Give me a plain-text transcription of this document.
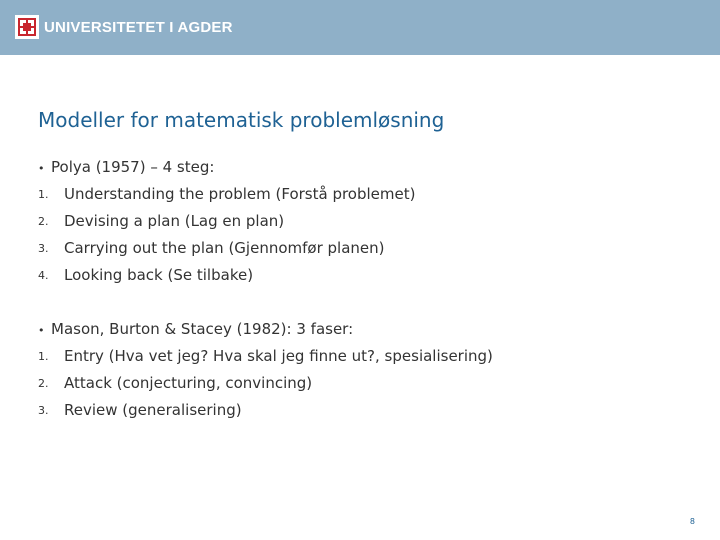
UNIVERSITETET I AGDER
Modeller for matematisk problemløsning
• Polya (1957) – 4 steg:
1. Understanding the problem (Forstå problemet)
2. Devising a plan (Lag en plan)
3. Carrying out the plan (Gjennomfør planen)
4. Looking back (Se tilbake)
• Mason, Burton & Stacey (1982): 3 faser:
1. Entry (Hva vet jeg? Hva skal jeg finne ut?, spesialisering)
2. Attack (conjecturing, convincing)
3. Review (generalisering)
8
